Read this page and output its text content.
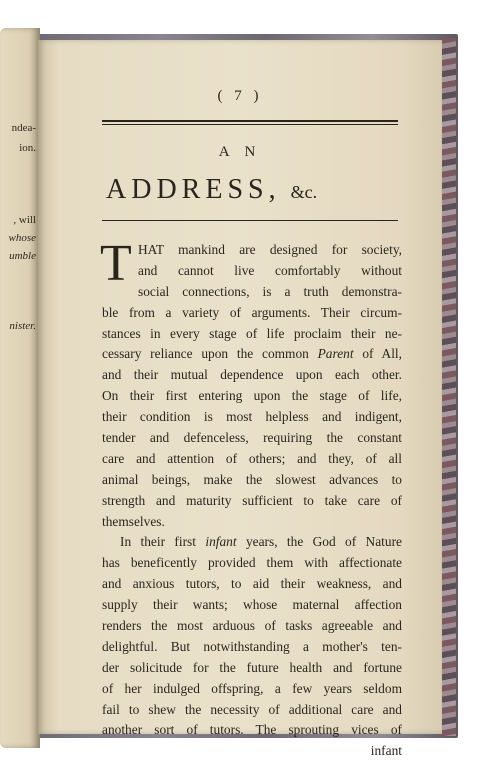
ndea-
ion.
, will
whose
umble
nister.
( 7 )
A N
ADDRESS, &c.
T HAT mankind are designed for society,
and cannot live comfortably without
social connections, is a truth demonstra-
ble from a variety of arguments. Their circum-
stances in every stage of life proclaim their ne-
cessary reliance upon the common Parent of All,
and their mutual dependence upon each other.
On their first entering upon the stage of life,
their condition is most helpless and indigent,
tender and defenceless, requiring the constant
care and attention of others; and they, of all
animal beings, make the slowest advances to
strength and maturity sufficient to take care of
themselves.
In their first infant years, the God of Nature
has beneficently provided them with affectionate
and anxious tutors, to aid their weakness, and
supply their wants; whose maternal affection
renders the most arduous of tasks agreeable and
delightful. But notwithstanding a mother's ten-
der solicitude for the future health and fortune
of her indulged offspring, a few years seldom
fail to shew the necessity of additional care and
another sort of tutors. The sprouting vices of
infant
